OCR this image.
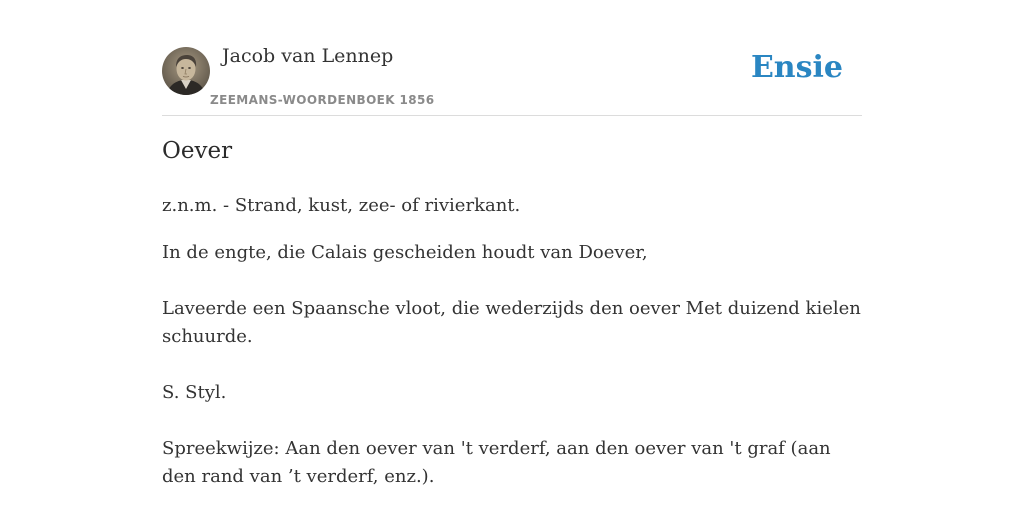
Jacob van Lennep
ZEEMANS-WOORDENBOEK 1856
Ensie
Oever

z.n.m. - Strand, kust, zee- of rivierkant.

In de engte, die Calais gescheiden houdt van Doever,

Laveerde een Spaansche vloot, die wederzijds den oever Met duizend kielen schuurde.

S. Styl.

Spreekwijze: Aan den oever van 't verderf, aan den oever van 't graf (aan den rand van ’t verderf, enz.).
